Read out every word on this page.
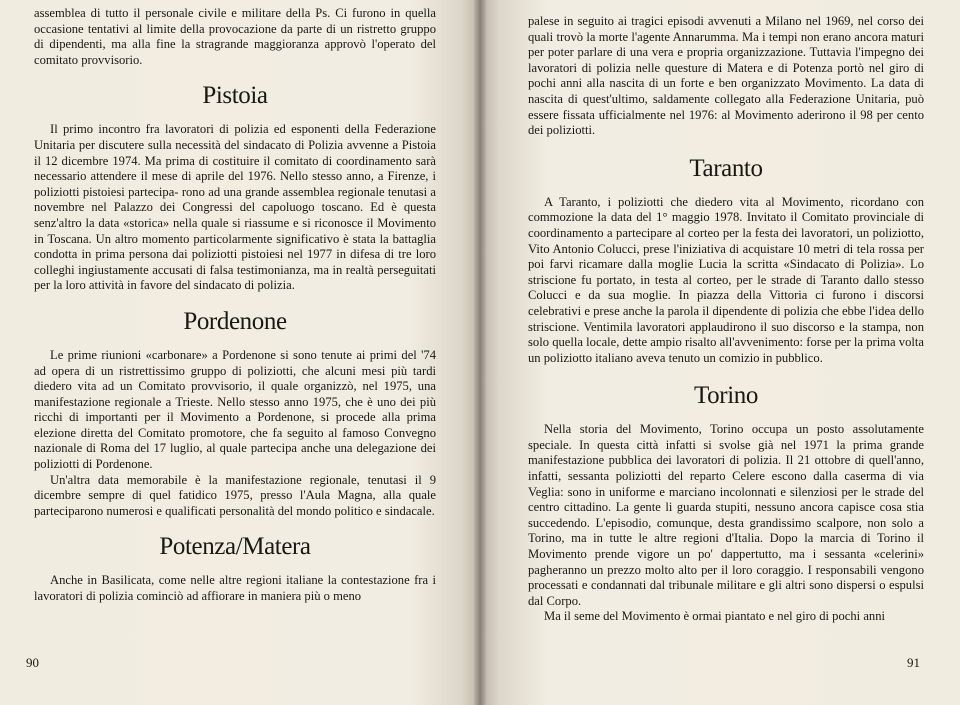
assemblea di tutto il personale civile e militare della Ps. Ci furono in quella occasione tentativi al limite della provocazione da parte di un ristretto gruppo di dipendenti, ma alla fine la stragrande maggioranza approvò l'operato del comitato provvisorio.

Pistoia

Il primo incontro fra lavoratori di polizia ed esponenti della Federazione Unitaria per discutere sulla necessità del sindacato di Polizia avvenne a Pistoia il 12 dicembre 1974. Ma prima di costituire il comitato di coordinamento sarà necessario attendere il mese di aprile del 1976. Nello stesso anno, a Firenze, i poliziotti pistoiesi partecipa- rono ad una grande assemblea regionale tenutasi a novembre nel Palazzo dei Congressi del capoluogo toscano. Ed è questa senz'altro la data «storica» nella quale si riassume e si riconosce il Movimento in Toscana. Un altro momento particolarmente significativo è stata la battaglia condotta in prima persona dai poliziotti pistoiesi nel 1977 in difesa di tre loro colleghi ingiustamente accusati di falsa testimonianza, ma in realtà perseguitati per la loro attività in favore del sindacato di polizia.

Pordenone

Le prime riunioni «carbonare» a Pordenone si sono tenute ai primi del '74 ad opera di un ristrettissimo gruppo di poliziotti, che alcuni mesi più tardi diedero vita ad un Comitato provvisorio, il quale organizzò, nel 1975, una manifestazione regionale a Trieste. Nello stesso anno 1975, che è uno dei più ricchi di importanti per il Movimento a Pordenone, si procede alla prima elezione diretta del Comitato promotore, che fa seguito al famoso Convegno nazionale di Roma del 17 luglio, al quale partecipa anche una delegazione dei poliziotti di Pordenone.

Un'altra data memorabile è la manifestazione regionale, tenutasi il 9 dicembre sempre di quel fatidico 1975, presso l'Aula Magna, alla quale parteciparono numerosi e qualificati personalità del mondo politico e sindacale.

Potenza/Matera

Anche in Basilicata, come nelle altre regioni italiane la contestazione fra i lavoratori di polizia cominciò ad affiorare in maniera più o meno

90

palese in seguito ai tragici episodi avvenuti a Milano nel 1969, nel corso dei quali trovò la morte l'agente Annarumma. Ma i tempi non erano ancora maturi per poter parlare di una vera e propria organizzazione. Tuttavia l'impegno dei lavoratori di polizia nelle questure di Matera e di Potenza portò nel giro di pochi anni alla nascita di un forte e ben organizzato Movimento. La data di nascita di quest'ultimo, saldamente collegato alla Federazione Unitaria, può essere fissata ufficialmente nel 1976: al Movimento aderirono il 98 per cento dei poliziotti.

Taranto

A Taranto, i poliziotti che diedero vita al Movimento, ricordano con commozione la data del 1° maggio 1978. Invitato il Comitato provinciale di coordinamento a partecipare al corteo per la festa dei lavoratori, un poliziotto, Vito Antonio Colucci, prese l'iniziativa di acquistare 10 metri di tela rossa per poi farvi ricamare dalla moglie Lucia la scritta «Sindacato di Polizia». Lo striscione fu portato, in testa al corteo, per le strade di Taranto dallo stesso Colucci e da sua moglie. In piazza della Vittoria ci furono i discorsi celebrativi e prese anche la parola il dipendente di polizia che ebbe l'idea dello striscione. Ventimila lavoratori applaudirono il suo discorso e la stampa, non solo quella locale, dette ampio risalto all'avvenimento: forse per la prima volta un poliziotto italiano aveva tenuto un comizio in pubblico.

Torino

Nella storia del Movimento, Torino occupa un posto assolutamente speciale. In questa città infatti si svolse già nel 1971 la prima grande manifestazione pubblica dei lavoratori di polizia. Il 21 ottobre di quell'anno, infatti, sessanta poliziotti del reparto Celere escono dalla caserma di via Veglia: sono in uniforme e marciano incolonnati e silenziosi per le strade del centro cittadino. La gente li guarda stupiti, nessuno ancora capisce cosa stia succedendo. L'episodio, comunque, desta grandissimo scalpore, non solo a Torino, ma in tutte le altre regioni d'Italia. Dopo la marcia di Torino il Movimento prende vigore un po' dappertutto, ma i sessanta «celerini» pagheranno un prezzo molto alto per il loro coraggio. I responsabili vengono processati e condannati dal tribunale militare e gli altri sono dispersi o espulsi dal Corpo.

Ma il seme del Movimento è ormai piantato e nel giro di pochi anni

91
